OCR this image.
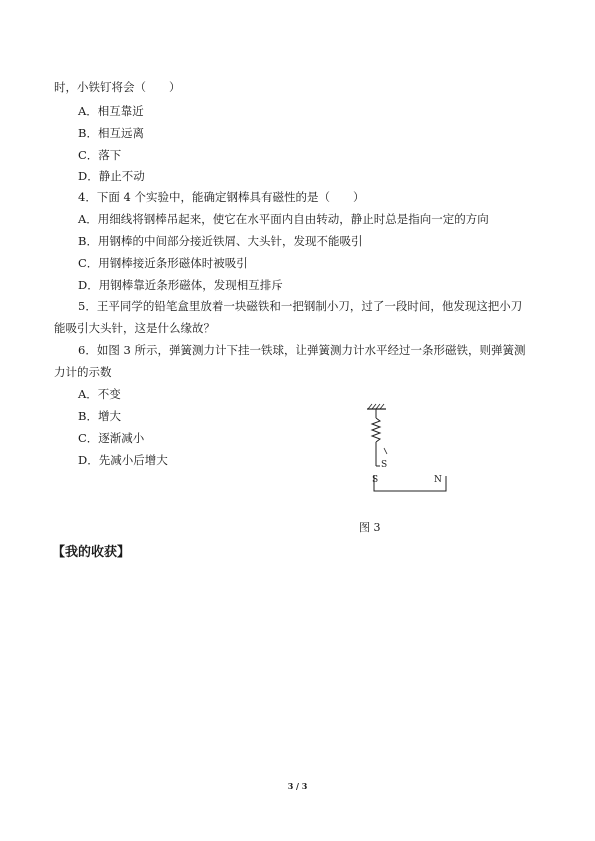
时，小铁钉将会（　　）
A．相互靠近
B．相互远离
C．落下
D．静止不动
4．下面 4 个实验中，能确定钢棒具有磁性的是（　　）
A．用细线将钢棒吊起来，使它在水平面内自由转动，静止时总是指向一定的方向
B．用钢棒的中间部分接近铁屑、大头针，发现不能吸引
C．用钢棒接近条形磁体时被吸引
D．用钢棒靠近条形磁体，发现相互排斥
5．王平同学的铅笔盒里放着一块磁铁和一把钢制小刀，过了一段时间，他发现这把小刀
能吸引大头针，这是什么缘故？
6．如图 3 所示，弹簧测力计下挂一铁球，让弹簧测力计水平经过一条形磁铁，则弹簧测
力计的示数
A．不变
B．增大
C．逐渐减小
D．先减小后增大	S
S	N
图 3
【我的收获】
3 / 3
